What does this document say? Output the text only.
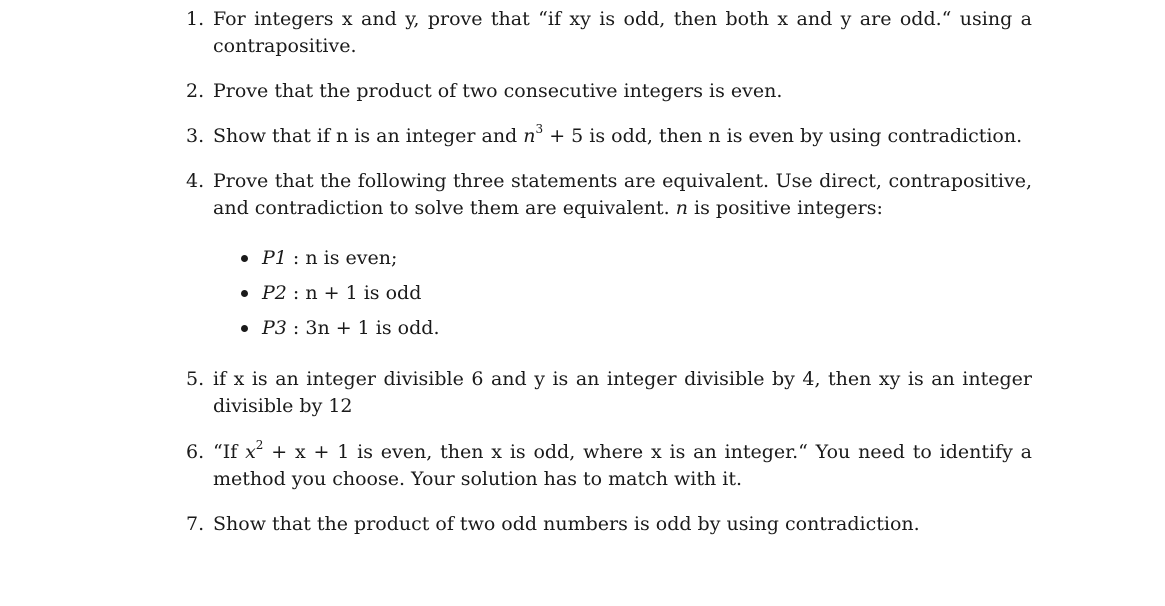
1. For integers x and y, prove that “if xy is odd, then both x and y are odd.“ using a
contrapositive.
2. Prove that the product of two consecutive integers is even.
3. Show that if n is an integer and $n^3 + 5$ is odd, then n is even by using contradiction.
4. Prove that the following three statements are equivalent. Use direct, contrapositive,
and contradiction to solve them are equivalent. n is positive integers:
P1 : n is even;
P2 : n + 1 is odd
P3 : 3n + 1 is odd.
5. if x is an integer divisible 6 and y is an integer divisible by 4, then xy is an integer
divisible by 12
6. “If $x^2 + x + 1$ is even, then x is odd, where x is an integer.“ You need to identify a
method you choose. Your solution has to match with it.
7. Show that the product of two odd numbers is odd by using contradiction.
